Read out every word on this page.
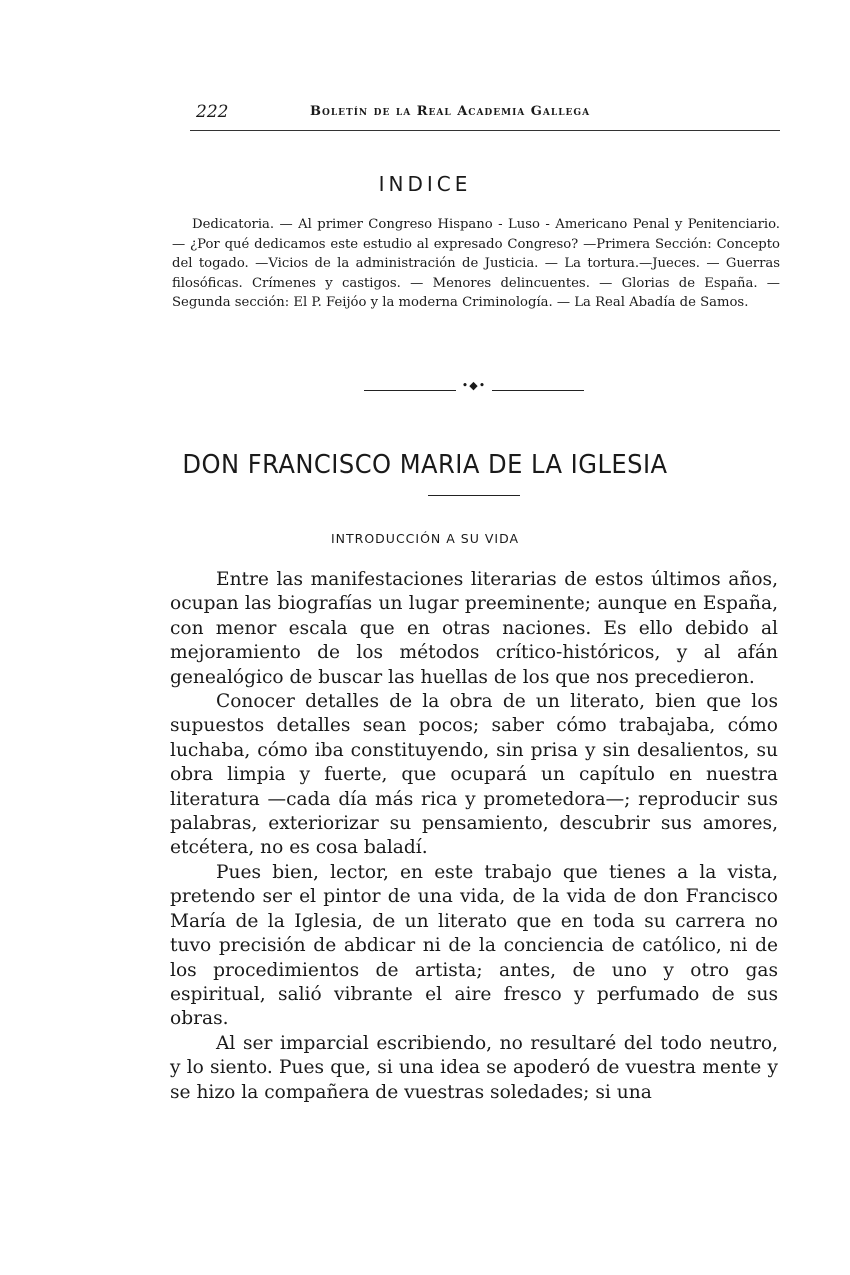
222	Boletín de la Real Academia Gallega
INDICE
Dedicatoria. — Al primer Congreso Hispano - Luso - Americano Penal y Penitenciario. — ¿Por qué dedicamos este estudio al expresado Congreso? —Primera Sección: Concepto del togado. —Vicios de la administración de Justicia. — La tortura.—Jueces. — Guerras filosóficas. Crímenes y castigos. — Menores delincuentes. — Glorias de España. — Segunda sección: El P. Feijóo y la moderna Criminología. — La Real Abadía de Samos.
•◆•
DON FRANCISCO MARIA DE LA IGLESIA
INTRODUCCIÓN A SU VIDA

Entre las manifestaciones literarias de estos últimos años, ocupan las biografías un lugar preeminente; aunque en España, con menor escala que en otras naciones. Es ello debido al mejoramiento de los métodos crítico-históricos, y al afán genealógico de buscar las huellas de los que nos precedieron.

Conocer detalles de la obra de un literato, bien que los supuestos detalles sean pocos; saber cómo trabajaba, cómo luchaba, cómo iba constituyendo, sin prisa y sin desalientos, su obra limpia y fuerte, que ocupará un capítulo en nuestra literatura —cada día más rica y prometedora—; reproducir sus palabras, exteriorizar su pensamiento, descubrir sus amores, etcétera, no es cosa baladí.

Pues bien, lector, en este trabajo que tienes a la vista, pretendo ser el pintor de una vida, de la vida de don Francisco María de la Iglesia, de un literato que en toda su carrera no tuvo precisión de abdicar ni de la conciencia de católico, ni de los procedimientos de artista; antes, de uno y otro gas espiritual, salió vibrante el aire fresco y perfumado de sus obras.

Al ser imparcial escribiendo, no resultaré del todo neutro, y lo siento. Pues que, si una idea se apoderó de vuestra mente y se hizo la compañera de vuestras soledades; si una
